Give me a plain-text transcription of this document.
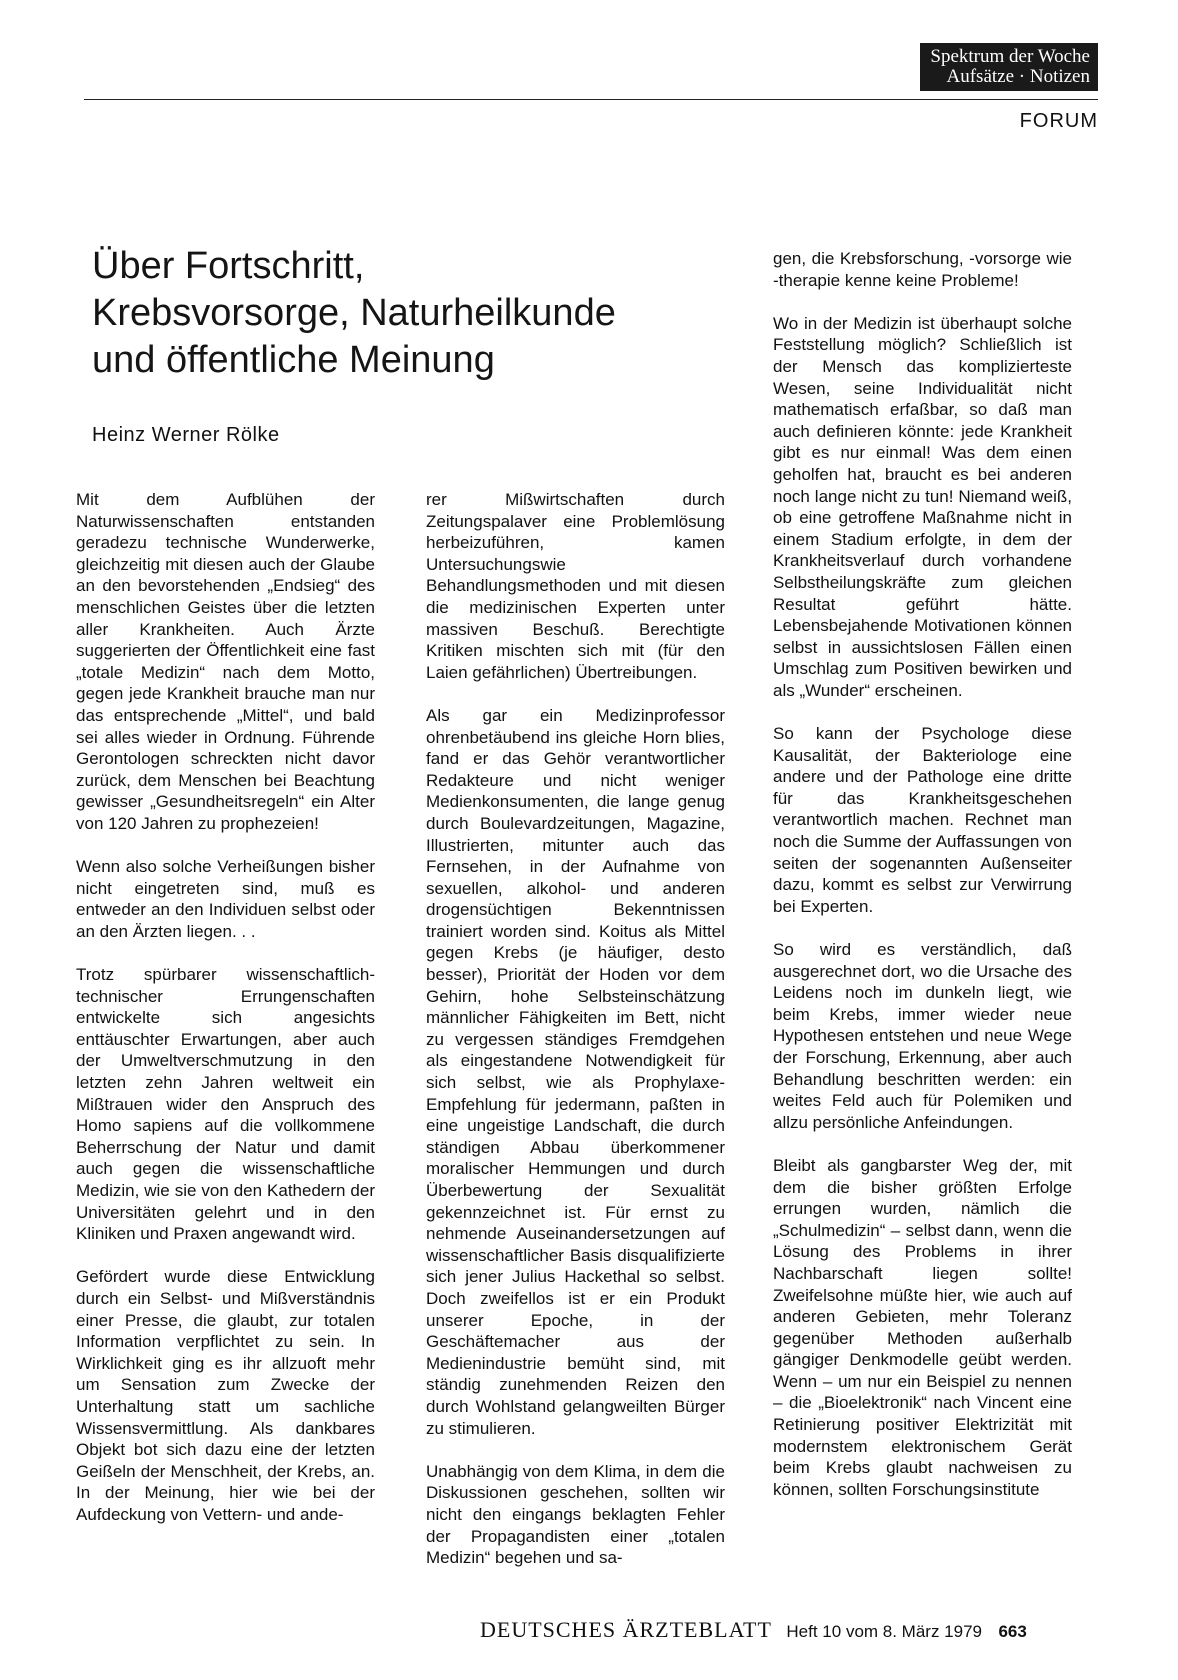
Spektrum der Woche
Aufsätze · Notizen
FORUM
Über Fortschritt,
Krebsvorsorge, Naturheilkunde
und öffentliche Meinung
Heinz Werner Rölke

Mit dem Aufblühen der Naturwissenschaften entstanden geradezu technische Wunderwerke, gleichzeitig mit diesen auch der Glaube an den bevorstehenden „Endsieg“ des menschlichen Geistes über die letzten aller Krankheiten. Auch Ärzte suggerierten der Öffentlichkeit eine fast „totale Medizin“ nach dem Motto, gegen jede Krankheit brauche man nur das entsprechende „Mittel“, und bald sei alles wieder in Ordnung. Führende Gerontologen schreckten nicht davor zurück, dem Menschen bei Beachtung gewisser „Gesundheitsregeln“ ein Alter von 120 Jahren zu prophezeien!

Wenn also solche Verheißungen bisher nicht eingetreten sind, muß es entweder an den Individuen selbst oder an den Ärzten liegen. . .

Trotz spürbarer wissenschaftlich-technischer Errungenschaften entwickelte sich angesichts enttäuschter Erwartungen, aber auch der Umweltverschmutzung in den letzten zehn Jahren weltweit ein Mißtrauen wider den Anspruch des Homo sapiens auf die vollkommene Beherrschung der Natur und damit auch gegen die wissenschaftliche Medizin, wie sie von den Kathedern der Universitäten gelehrt und in den Kliniken und Praxen angewandt wird.

Gefördert wurde diese Entwicklung durch ein Selbst- und Mißverständnis einer Presse, die glaubt, zur totalen Information verpflichtet zu sein. In Wirklichkeit ging es ihr allzuoft mehr um Sensation zum Zwecke der Unterhaltung statt um sachliche Wissensvermittlung. Als dankbares Objekt bot sich dazu eine der letzten Geißeln der Menschheit, der Krebs, an. In der Meinung, hier wie bei der Aufdeckung von Vettern- und ande-

rer Mißwirtschaften durch Zeitungspalaver eine Problemlösung herbeizuführen, kamen Untersuchungswie Behandlungsmethoden und mit diesen die medizinischen Experten unter massiven Beschuß. Berechtigte Kritiken mischten sich mit (für den Laien gefährlichen) Übertreibungen.

Als gar ein Medizinprofessor ohrenbetäubend ins gleiche Horn blies, fand er das Gehör verantwortlicher Redakteure und nicht weniger Medienkonsumenten, die lange genug durch Boulevardzeitungen, Magazine, Illustrierten, mitunter auch das Fernsehen, in der Aufnahme von sexuellen, alkohol- und anderen drogensüchtigen Bekenntnissen trainiert worden sind. Koitus als Mittel gegen Krebs (je häufiger, desto besser), Priorität der Hoden vor dem Gehirn, hohe Selbsteinschätzung männlicher Fähigkeiten im Bett, nicht zu vergessen ständiges Fremdgehen als eingestandene Notwendigkeit für sich selbst, wie als Prophylaxe-Empfehlung für jedermann, paßten in eine ungeistige Landschaft, die durch ständigen Abbau überkommener moralischer Hemmungen und durch Überbewertung der Sexualität gekennzeichnet ist. Für ernst zu nehmende Auseinandersetzungen auf wissenschaftlicher Basis disqualifizierte sich jener Julius Hackethal so selbst. Doch zweifellos ist er ein Produkt unserer Epoche, in der Geschäftemacher aus der Medienindustrie bemüht sind, mit ständig zunehmenden Reizen den durch Wohlstand gelangweilten Bürger zu stimulieren.

Unabhängig von dem Klima, in dem die Diskussionen geschehen, sollten wir nicht den eingangs beklagten Fehler der Propagandisten einer „totalen Medizin“ begehen und sa-

gen, die Krebsforschung, -vorsorge wie -therapie kenne keine Probleme!

Wo in der Medizin ist überhaupt solche Feststellung möglich? Schließlich ist der Mensch das komplizierteste Wesen, seine Individualität nicht mathematisch erfaßbar, so daß man auch definieren könnte: jede Krankheit gibt es nur einmal! Was dem einen geholfen hat, braucht es bei anderen noch lange nicht zu tun! Niemand weiß, ob eine getroffene Maßnahme nicht in einem Stadium erfolgte, in dem der Krankheitsverlauf durch vorhandene Selbstheilungskräfte zum gleichen Resultat geführt hätte. Lebensbejahende Motivationen können selbst in aussichtslosen Fällen einen Umschlag zum Positiven bewirken und als „Wunder“ erscheinen.

So kann der Psychologe diese Kausalität, der Bakteriologe eine andere und der Pathologe eine dritte für das Krankheitsgeschehen verantwortlich machen. Rechnet man noch die Summe der Auffassungen von seiten der sogenannten Außenseiter dazu, kommt es selbst zur Verwirrung bei Experten.

So wird es verständlich, daß ausgerechnet dort, wo die Ursache des Leidens noch im dunkeln liegt, wie beim Krebs, immer wieder neue Hypothesen entstehen und neue Wege der Forschung, Erkennung, aber auch Behandlung beschritten werden: ein weites Feld auch für Polemiken und allzu persönliche Anfeindungen.

Bleibt als gangbarster Weg der, mit dem die bisher größten Erfolge errungen wurden, nämlich die „Schulmedizin“ – selbst dann, wenn die Lösung des Problems in ihrer Nachbarschaft liegen sollte! Zweifelsohne müßte hier, wie auch auf anderen Gebieten, mehr Toleranz gegenüber Methoden außerhalb gängiger Denkmodelle geübt werden. Wenn – um nur ein Beispiel zu nennen – die „Bioelektronik“ nach Vincent eine Retinierung positiver Elektrizität mit modernstem elektronischem Gerät beim Krebs glaubt nachweisen zu können, sollten Forschungsinstitute

DEUTSCHES ÄRZTEBLATT Heft 10 vom 8. März 1979 663
